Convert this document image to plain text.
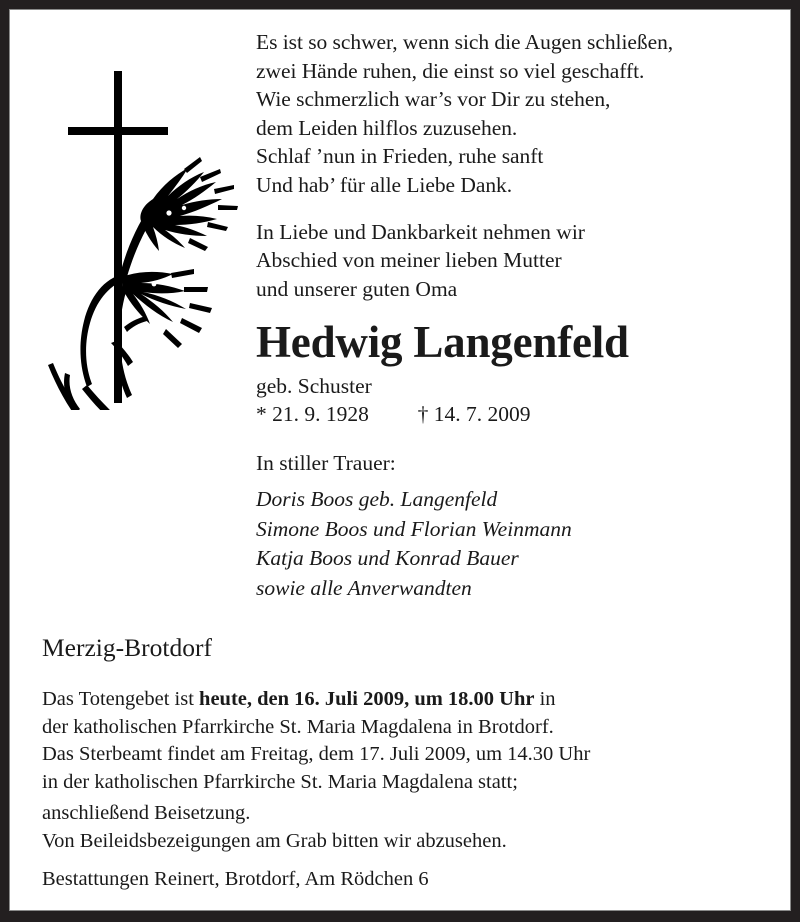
Es ist so schwer, wenn sich die Augen schließen,
zwei Hände ruhen, die einst so viel geschafft.
Wie schmerzlich war’s vor Dir zu stehen,
dem Leiden hilflos zuzusehen.
Schlaf ’nun in Frieden, ruhe sanft
Und hab’ für alle Liebe Dank.
In Liebe und Dankbarkeit nehmen wir
Abschied von meiner lieben Mutter
und unserer guten Oma
Hedwig Langenfeld
geb. Schuster
* 21. 9. 1928 † 14. 7. 2009
In stiller Trauer:
Doris Boos geb. Langenfeld
Simone Boos und Florian Weinmann
Katja Boos und Konrad Bauer
sowie alle Anverwandten
Merzig-Brotdorf
Das Totengebet ist heute, den 16. Juli 2009, um 18.00 Uhr in
der katholischen Pfarrkirche St. Maria Magdalena in Brotdorf.
Das Sterbeamt findet am Freitag, dem 17. Juli 2009, um 14.30 Uhr
in der katholischen Pfarrkirche St. Maria Magdalena statt;
anschließend Beisetzung.
Von Beileidsbezeigungen am Grab bitten wir abzusehen.
Bestattungen Reinert, Brotdorf, Am Rödchen 6
